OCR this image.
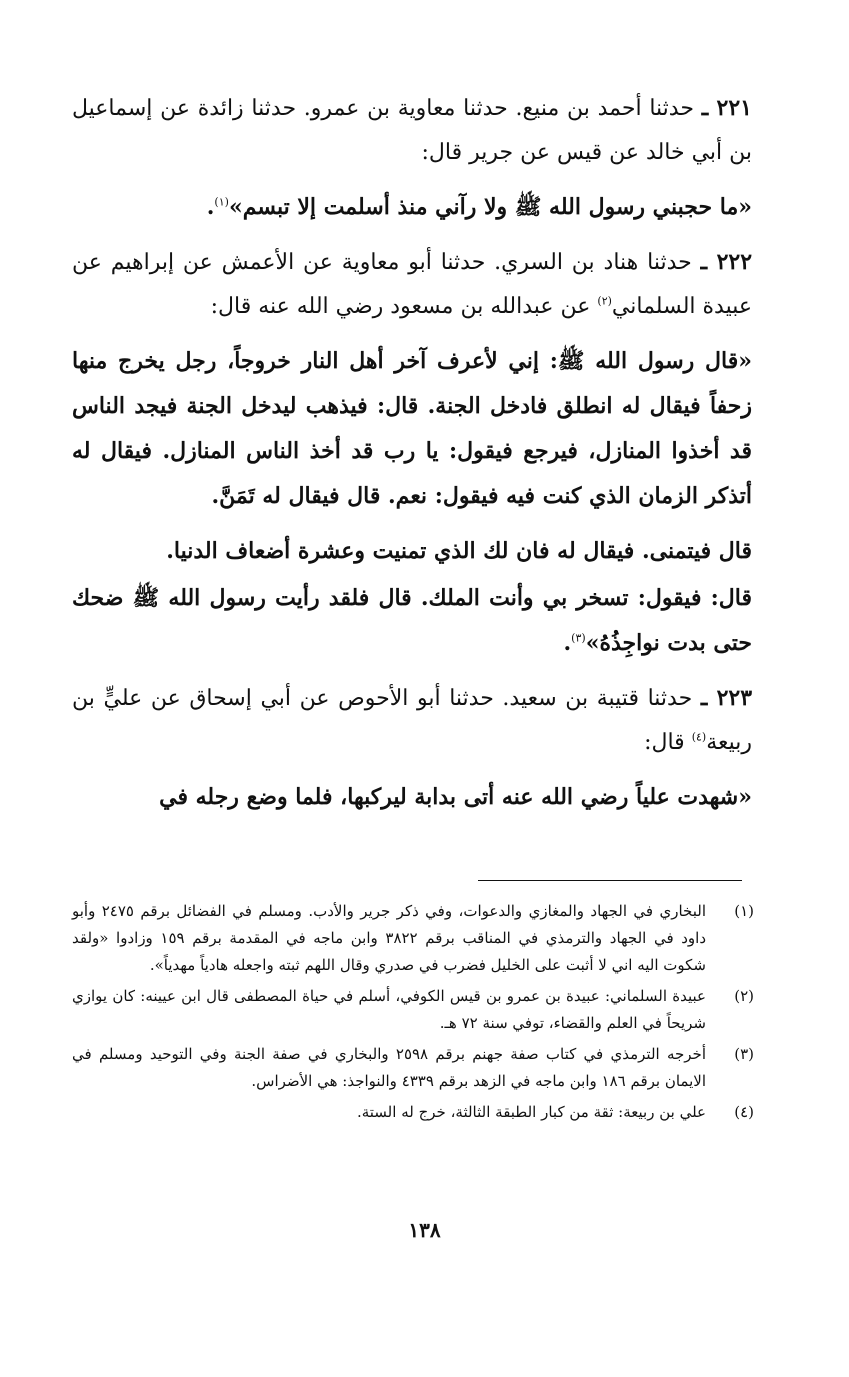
٢٢١ ـ حدثنا أحمد بن منيع. حدثنا معاوية بن عمرو. حدثنا زائدة عن إسماعيل بن أبي خالد عن قيس عن جرير قال:

«ما حجبني رسول الله ﷺ ولا رآني منذ أسلمت إلا تبسم»$^{(١)}$.

٢٢٢ ـ حدثنا هناد بن السري. حدثنا أبو معاوية عن الأعمش عن إبراهيم عن عبيدة السلماني$^{(٢)}$ عن عبدالله بن مسعود رضي الله عنه قال:

«قال رسول الله ﷺ: إني لأعرف آخر أهل النار خروجاً، رجل يخرج منها زحفاً فيقال له انطلق فادخل الجنة. قال: فيذهب ليدخل الجنة فيجد الناس قد أخذوا المنازل، فيرجع فيقول: يا رب قد أخذ الناس المنازل. فيقال له أتذكر الزمان الذي كنت فيه فيقول: نعم. قال فيقال له تَمَنَّ.

قال فيتمنى. فيقال له فان لك الذي تمنيت وعشرة أضعاف الدنيا.

قال: فيقول: تسخر بي وأنت الملك. قال فلقد رأيت رسول الله ﷺ ضحك حتى بدت نواجِذُهُ»$^{(٣)}$.

٢٢٣ ـ حدثنا قتيبة بن سعيد. حدثنا أبو الأحوص عن أبي إسحاق عن عليٍّ بن ربيعة$^{(٤)}$ قال:

«شهدت علياً رضي الله عنه أتى بدابة ليركبها، فلما وضع رجله في

(١)
البخاري في الجهاد والمغازي والدعوات، وفي ذكر جرير والأدب. ومسلم في الفضائل برقم ٢٤٧٥ وأبو داود في الجهاد والترمذي في المناقب برقم ٣٨٢٢ وابن ماجه في المقدمة برقم ١٥٩ وزادوا «ولقد شكوت اليه اني لا أثبت على الخليل فضرب في صدري وقال اللهم ثبته واجعله هادياً مهدياً».
(٢)
عبيدة السلماني: عبيدة بن عمرو بن قيس الكوفي، أسلم في حياة المصطفى قال ابن عيينه: كان يوازي شريحاً في العلم والقضاء، توفي سنة ٧٢ هـ.
(٣)
أخرجه الترمذي في كتاب صفة جهنم برقم ٢٥٩٨ والبخاري في صفة الجنة وفي التوحيد ومسلم في الايمان برقم ١٨٦ وابن ماجه في الزهد برقم ٤٣٣٩ والنواجذ: هي الأضراس.
(٤)
علي بن ربيعة: ثقة من كبار الطبقة الثالثة، خرج له الستة.
١٣٨
